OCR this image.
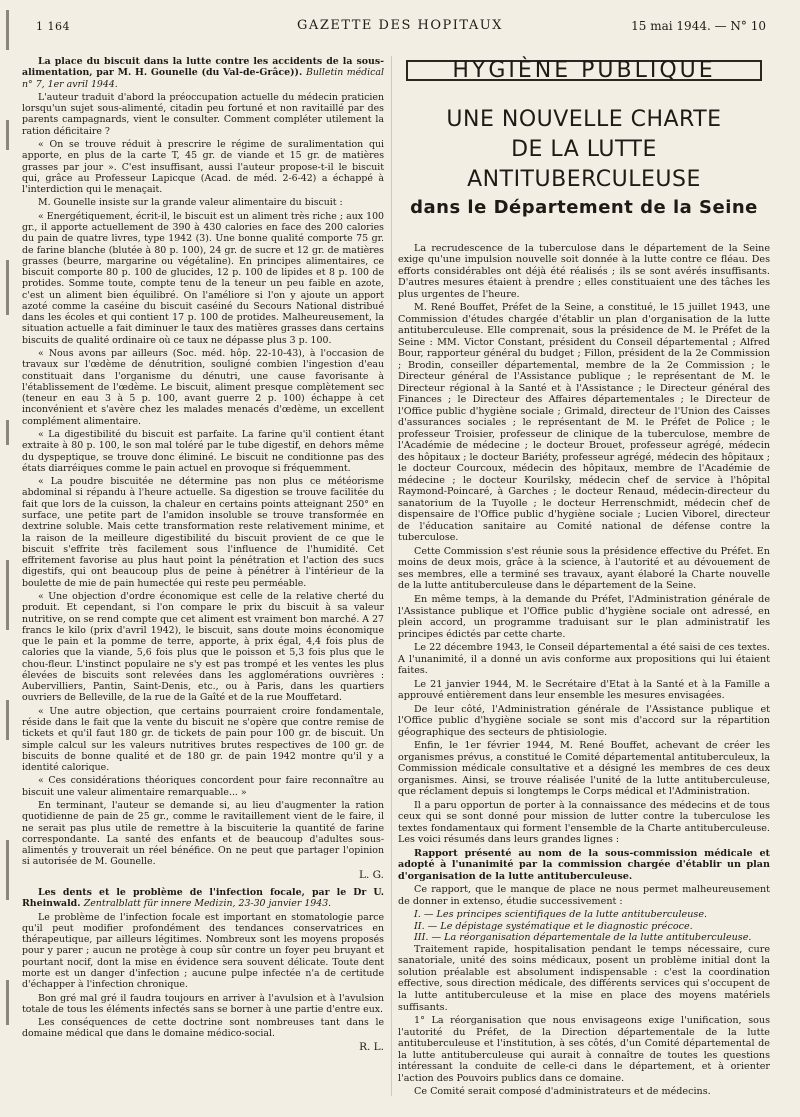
1 164	GAZETTE DES HOPITAUX	15 mai 1944. — N° 10

La place du biscuit dans la lutte contre les accidents de la sous-alimentation, par M. H. Gounelle (du Val-de-Grâce)). Bulletin médical n° 7, 1er avril 1944.

L'auteur traduit d'abord la préoccupation actuelle du médecin praticien lorsqu'un sujet sous-alimenté, citadin peu fortuné et non ravitaillé par des parents campagnards, vient le consulter. Comment compléter utilement la ration déficitaire ?

« On se trouve réduit à prescrire le régime de suralimentation qui apporte, en plus de la carte T, 45 gr. de viande et 15 gr. de matières grasses par jour ». C'est insuffisant, aussi l'auteur propose-t-il le biscuit qui, grâce au Professeur Lapicque (Acad. de méd. 2-6-42) a échappé à l'interdiction qui le menaçait.

M. Gounelle insiste sur la grande valeur alimentaire du biscuit :

« Energétiquement, écrit-il, le biscuit est un aliment très riche ; aux 100 gr., il apporte actuellement de 390 à 430 calories en face des 200 calories du pain de quatre livres, type 1942 (3). Une bonne qualité comporte 75 gr. de farine blanche (blutée à 80 p. 100), 24 gr. de sucre et 12 gr. de matières grasses (beurre, margarine ou végétaline). En principes alimentaires, ce biscuit comporte 80 p. 100 de glucides, 12 p. 100 de lipides et 8 p. 100 de protides. Somme toute, compte tenu de la teneur un peu faible en azote, c'est un aliment bien équilibré. On l'améliore si l'on y ajoute un apport azoté comme la caséine du biscuit caséiné du Secours National distribué dans les écoles et qui contient 17 p. 100 de protides. Malheureusement, la situation actuelle a fait diminuer le taux des matières grasses dans certains biscuits de qualité ordinaire où ce taux ne dépasse plus 3 p. 100.

« Nous avons par ailleurs (Soc. méd. hôp. 22-10-43), à l'occasion de travaux sur l'œdème de dénutrition, souligné combien l'ingestion d'eau constituait dans l'organisme du dénutri, une cause favorisante à l'établissement de l'œdème. Le biscuit, aliment presque complètement sec (teneur en eau 3 à 5 p. 100, avant guerre 2 p. 100) échappe à cet inconvénient et s'avère chez les malades menacés d'œdème, un excellent complément alimentaire.

« La digestibilité du biscuit est parfaite. La farine qu'il contient étant extraite à 80 p. 100, le son mal toléré par le tube digestif, en dehors même du dyspeptique, se trouve donc éliminé. Le biscuit ne conditionne pas des états diarréiques comme le pain actuel en provoque si fréquemment.

« La poudre biscuitée ne détermine pas non plus ce météorisme abdominal si répandu à l'heure actuelle. Sa digestion se trouve facilitée du fait que lors de la cuisson, la chaleur en certains points atteignant 250° en surface, une petite part de l'amidon insoluble se trouve transformée en dextrine soluble. Mais cette transformation reste relativement minime, et la raison de la meilleure digestibilité du biscuit provient de ce que le biscuit s'effrite très facilement sous l'influence de l'humidité. Cet effritement favorise au plus haut point la pénétration et l'action des sucs digestifs, qui ont beaucoup plus de peine à pénétrer à l'intérieur de la boulette de mie de pain humectée qui reste peu perméable.

« Une objection d'ordre économique est celle de la relative cherté du produit. Et cependant, si l'on compare le prix du biscuit à sa valeur nutritive, on se rend compte que cet aliment est vraiment bon marché. A 27 francs le kilo (prix d'avril 1942), le biscuit, sans doute moins économique que le pain et la pomme de terre, apporte, à prix égal, 4,4 fois plus de calories que la viande, 5,6 fois plus que le poisson et 5,3 fois plus que le chou-fleur. L'instinct populaire ne s'y est pas trompé et les ventes les plus élevées de biscuits sont relevées dans les agglomérations ouvrières : Aubervilliers, Pantin, Saint-Denis, etc., ou à Paris, dans les quartiers ouvriers de Belleville, de la rue de la Gaîté et de la rue Mouffetard.

« Une autre objection, que certains pourraient croire fondamentale, réside dans le fait que la vente du biscuit ne s'opère que contre remise de tickets et qu'il faut 180 gr. de tickets de pain pour 100 gr. de biscuit. Un simple calcul sur les valeurs nutritives brutes respectives de 100 gr. de biscuits de bonne qualité et de 180 gr. de pain 1942 montre qu'il y a identité calorique.

« Ces considérations théoriques concordent pour faire reconnaître au biscuit une valeur alimentaire remarquable... »

En terminant, l'auteur se demande si, au lieu d'augmenter la ration quotidienne de pain de 25 gr., comme le ravitaillement vient de le faire, il ne serait pas plus utile de remettre à la biscuiterie la quantité de farine correspondante. La santé des enfants et de beaucoup d'adultes sous-alimentés y trouverait un réel bénéfice. On ne peut que partager l'opinion si autorisée de M. Gounelle.

L. G.

Les dents et le problème de l'infection focale, par le Dr U. Rheinwald. Zentralblatt für innere Medizin, 23-30 janvier 1943.

Le problème de l'infection focale est important en stomatologie parce qu'il peut modifier profondément des tendances conservatrices en thérapeutique, par ailleurs légitimes. Nombreux sont les moyens proposés pour y parer ; aucun ne protège à coup sûr contre un foyer peu bruyant et pourtant nocif, dont la mise en évidence sera souvent délicate. Toute dent morte est un danger d'infection ; aucune pulpe infectée n'a de certitude d'échapper à l'infection chronique.

Bon gré mal gré il faudra toujours en arriver à l'avulsion et à l'avulsion totale de tous les éléments infectés sans se borner à une partie d'entre eux.

Les conséquences de cette doctrine sont nombreuses tant dans le domaine médical que dans le domaine médico-social.

R. L.
HYGIÈNE PUBLIQUE
UNE NOUVELLE CHARTE
DE LA LUTTE ANTITUBERCULEUSE
dans le Département de la Seine

La recrudescence de la tuberculose dans le département de la Seine exige qu'une impulsion nouvelle soit donnée à la lutte contre ce fléau. Des efforts considérables ont déjà été réalisés ; ils se sont avérés insuffisants. D'autres mesures étaient à prendre ; elles constituaient une des tâches les plus urgentes de l'heure.

M. René Bouffet, Préfet de la Seine, a constitué, le 15 juillet 1943, une Commission d'études chargée d'établir un plan d'organisation de la lutte antituberculeuse. Elle comprenait, sous la présidence de M. le Préfet de la Seine : MM. Victor Constant, président du Conseil départemental ; Alfred Bour, rapporteur général du budget ; Fillon, président de la 2e Commission ; Brodin, conseiller départemental, membre de la 2e Commission ; le Directeur général de l'Assistance publique ; le représentant de M. le Directeur régional à la Santé et à l'Assistance ; le Directeur général des Finances ; le Directeur des Affaires départementales ; le Directeur de l'Office public d'hygiène sociale ; Grimald, directeur de l'Union des Caisses d'assurances sociales ; le représentant de M. le Préfet de Police ; le professeur Troisier, professeur de clinique de la tuberculose, membre de l'Académie de médecine ; le docteur Brouet, professeur agrégé, médecin des hôpitaux ; le docteur Bariéty, professeur agrégé, médecin des hôpitaux ; le docteur Courcoux, médecin des hôpitaux, membre de l'Académie de médecine ; le docteur Kourilsky, médecin chef de service à l'hôpital Raymond-Poincaré, à Garches ; le docteur Renaud, médecin-directeur du sanatorium de la Tuyolle ; le docteur Herrenschmidt, médecin chef de dispensaire de l'Office public d'hygiène sociale ; Lucien Viborel, directeur de l'éducation sanitaire au Comité national de défense contre la tuberculose.

Cette Commission s'est réunie sous la présidence effective du Préfet. En moins de deux mois, grâce à la science, à l'autorité et au dévouement de ses membres, elle a terminé ses travaux, ayant élaboré la Charte nouvelle de la lutte antituberculeuse dans le département de la Seine.

En même temps, à la demande du Préfet, l'Administration générale de l'Assistance publique et l'Office public d'hygiène sociale ont adressé, en plein accord, un programme traduisant sur le plan administratif les principes édictés par cette charte.

Le 22 décembre 1943, le Conseil départemental a été saisi de ces textes. A l'unanimité, il a donné un avis conforme aux propositions qui lui étaient faites.

Le 21 janvier 1944, M. le Secrétaire d'Etat à la Santé et à la Famille a approuvé entièrement dans leur ensemble les mesures envisagées.

De leur côté, l'Administration générale de l'Assistance publique et l'Office public d'hygiène sociale se sont mis d'accord sur la répartition géographique des secteurs de phtisiologie.

Enfin, le 1er février 1944, M. René Bouffet, achevant de créer les organismes prévus, a constitué le Comité départemental antituberculeux, la Commission médicale consultative et a désigné les membres de ces deux organismes. Ainsi, se trouve réalisée l'unité de la lutte antituberculeuse, que réclament depuis si longtemps le Corps médical et l'Administration.

Il a paru opportun de porter à la connaissance des médecins et de tous ceux qui se sont donné pour mission de lutter contre la tuberculose les textes fondamentaux qui forment l'ensemble de la Charte antituberculeuse. Les voici résumés dans leurs grandes lignes :

Rapport présenté au nom de la sous-commission médicale et adopté à l'unanimité par la commission chargée d'établir un plan d'organisation de la lutte antituberculeuse.

Ce rapport, que le manque de place ne nous permet malheureusement de donner in extenso, étudie successivement :

I. — Les principes scientifiques de la lutte antituberculeuse.
II. — Le dépistage systématique et le diagnostic précoce.
III. — La réorganisation départementale de la lutte antituberculeuse.

Traitement rapide, hospitalisation pendant le temps nécessaire, cure sanatoriale, unité des soins médicaux, posent un problème initial dont la solution préalable est absolument indispensable : c'est la coordination effective, sous direction médicale, des différents services qui s'occupent de la lutte antituberculeuse et la mise en place des moyens matériels suffisants.

1° La réorganisation que nous envisageons exige l'unification, sous l'autorité du Préfet, de la Direction départementale de la lutte antituberculeuse et l'institution, à ses côtés, d'un Comité départemental de la lutte antituberculeuse qui aurait à connaître de toutes les questions intéressant la conduite de celle-ci dans le département, et à orienter l'action des Pouvoirs publics dans ce domaine.

Ce Comité serait composé d'administrateurs et de médecins.
